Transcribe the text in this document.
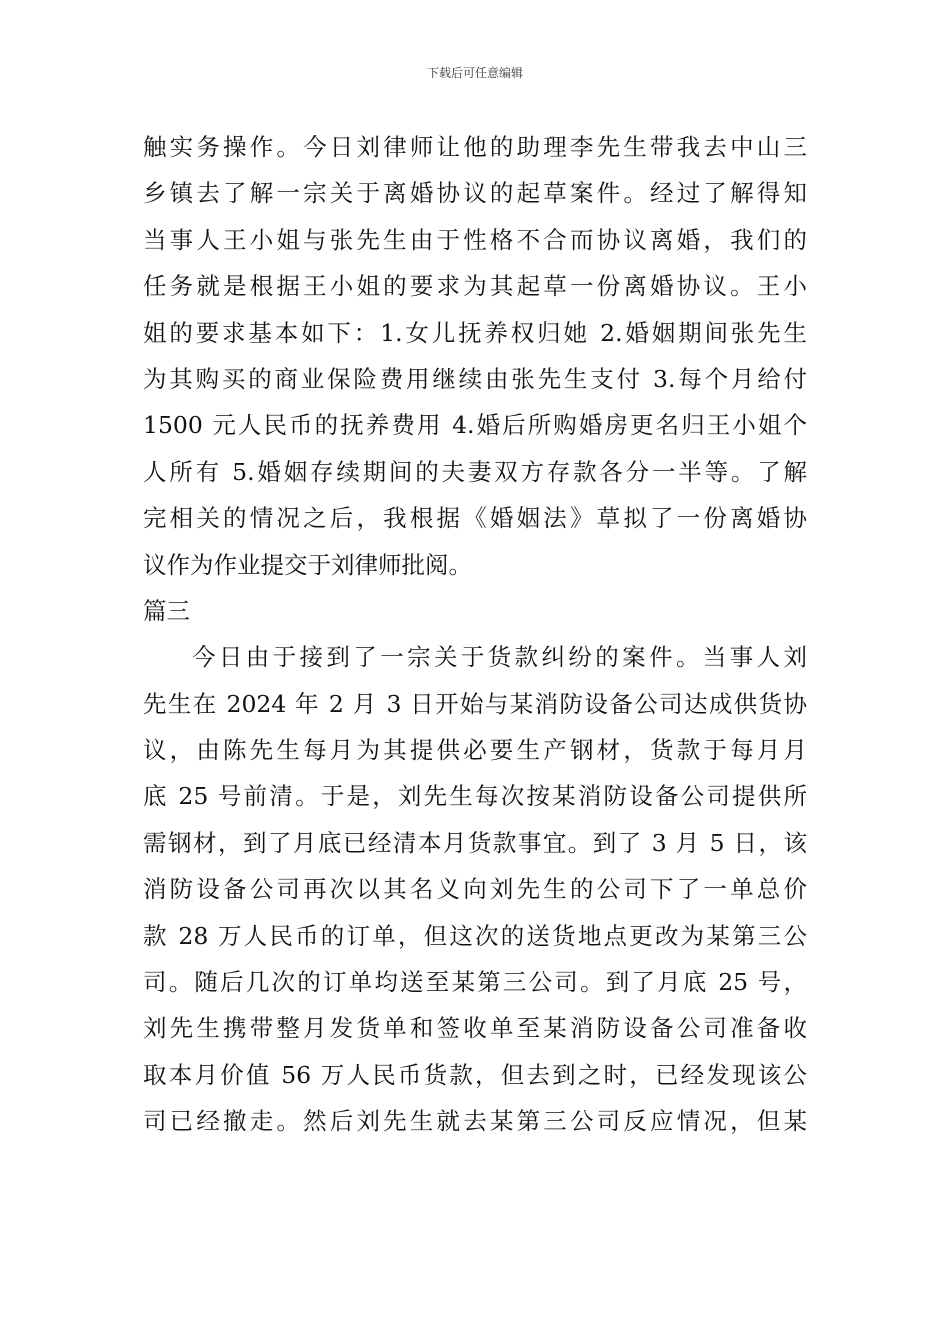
下载后可任意编辑
触实务操作。今日刘律师让他的助理李先生带我去中山三
乡镇去了解一宗关于离婚协议的起草案件。经过了解得知
当事人王小姐与张先生由于性格不合而协议离婚，我们的
任务就是根据王小姐的要求为其起草一份离婚协议。王小
姐的要求基本如下：1.女儿抚养权归她 2.婚姻期间张先生
为其购买的商业保险费用继续由张先生支付 3.每个月给付
1500 元人民币的抚养费用 4.婚后所购婚房更名归王小姐个
人所有 5.婚姻存续期间的夫妻双方存款各分一半等。了解
完相关的情况之后，我根据《婚姻法》草拟了一份离婚协
议作为作业提交于刘律师批阅。
篇三
今日由于接到了一宗关于货款纠纷的案件。当事人刘
先生在 2024 年 2 月 3 日开始与某消防设备公司达成供货协
议，由陈先生每月为其提供必要生产钢材，货款于每月月
底 25 号前清。于是，刘先生每次按某消防设备公司提供所
需钢材，到了月底已经清本月货款事宜。到了 3 月 5 日，该
消防设备公司再次以其名义向刘先生的公司下了一单总价
款 28 万人民币的订单，但这次的送货地点更改为某第三公
司。随后几次的订单均送至某第三公司。到了月底 25 号，
刘先生携带整月发货单和签收单至某消防设备公司准备收
取本月价值 56 万人民币货款，但去到之时，已经发现该公
司已经撤走。然后刘先生就去某第三公司反应情况，但某
